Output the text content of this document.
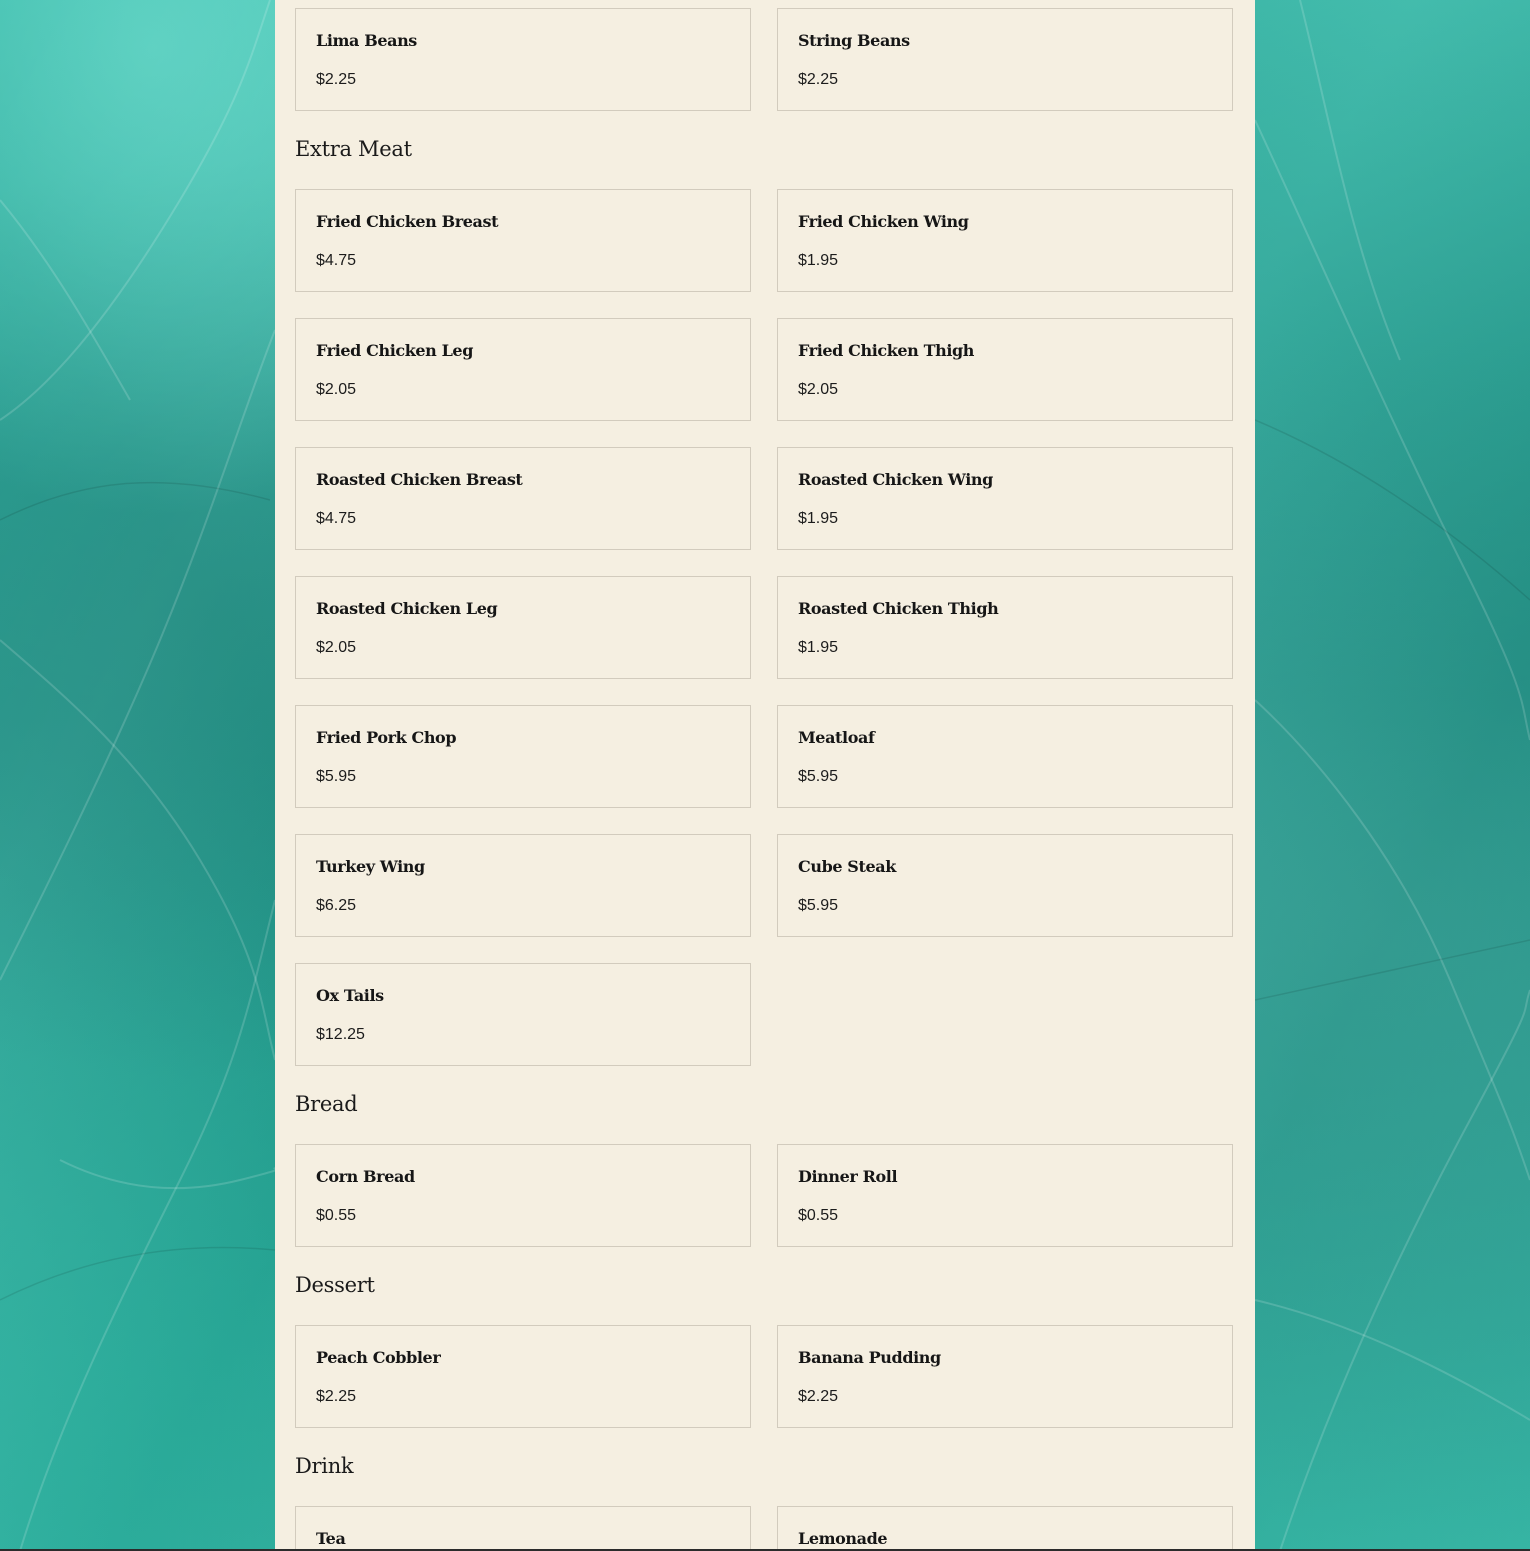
Lima Beans
$2.25
String Beans
$2.25
Extra Meat
Fried Chicken Breast
$4.75
Fried Chicken Wing
$1.95
Fried Chicken Leg
$2.05
Fried Chicken Thigh
$2.05
Roasted Chicken Breast
$4.75
Roasted Chicken Wing
$1.95
Roasted Chicken Leg
$2.05
Roasted Chicken Thigh
$1.95
Fried Pork Chop
$5.95
Meatloaf
$5.95
Turkey Wing
$6.25
Cube Steak
$5.95
Ox Tails
$12.25
Bread
Corn Bread
$0.55
Dinner Roll
$0.55
Dessert
Peach Cobbler
$2.25
Banana Pudding
$2.25
Drink
Tea	Lemonade
